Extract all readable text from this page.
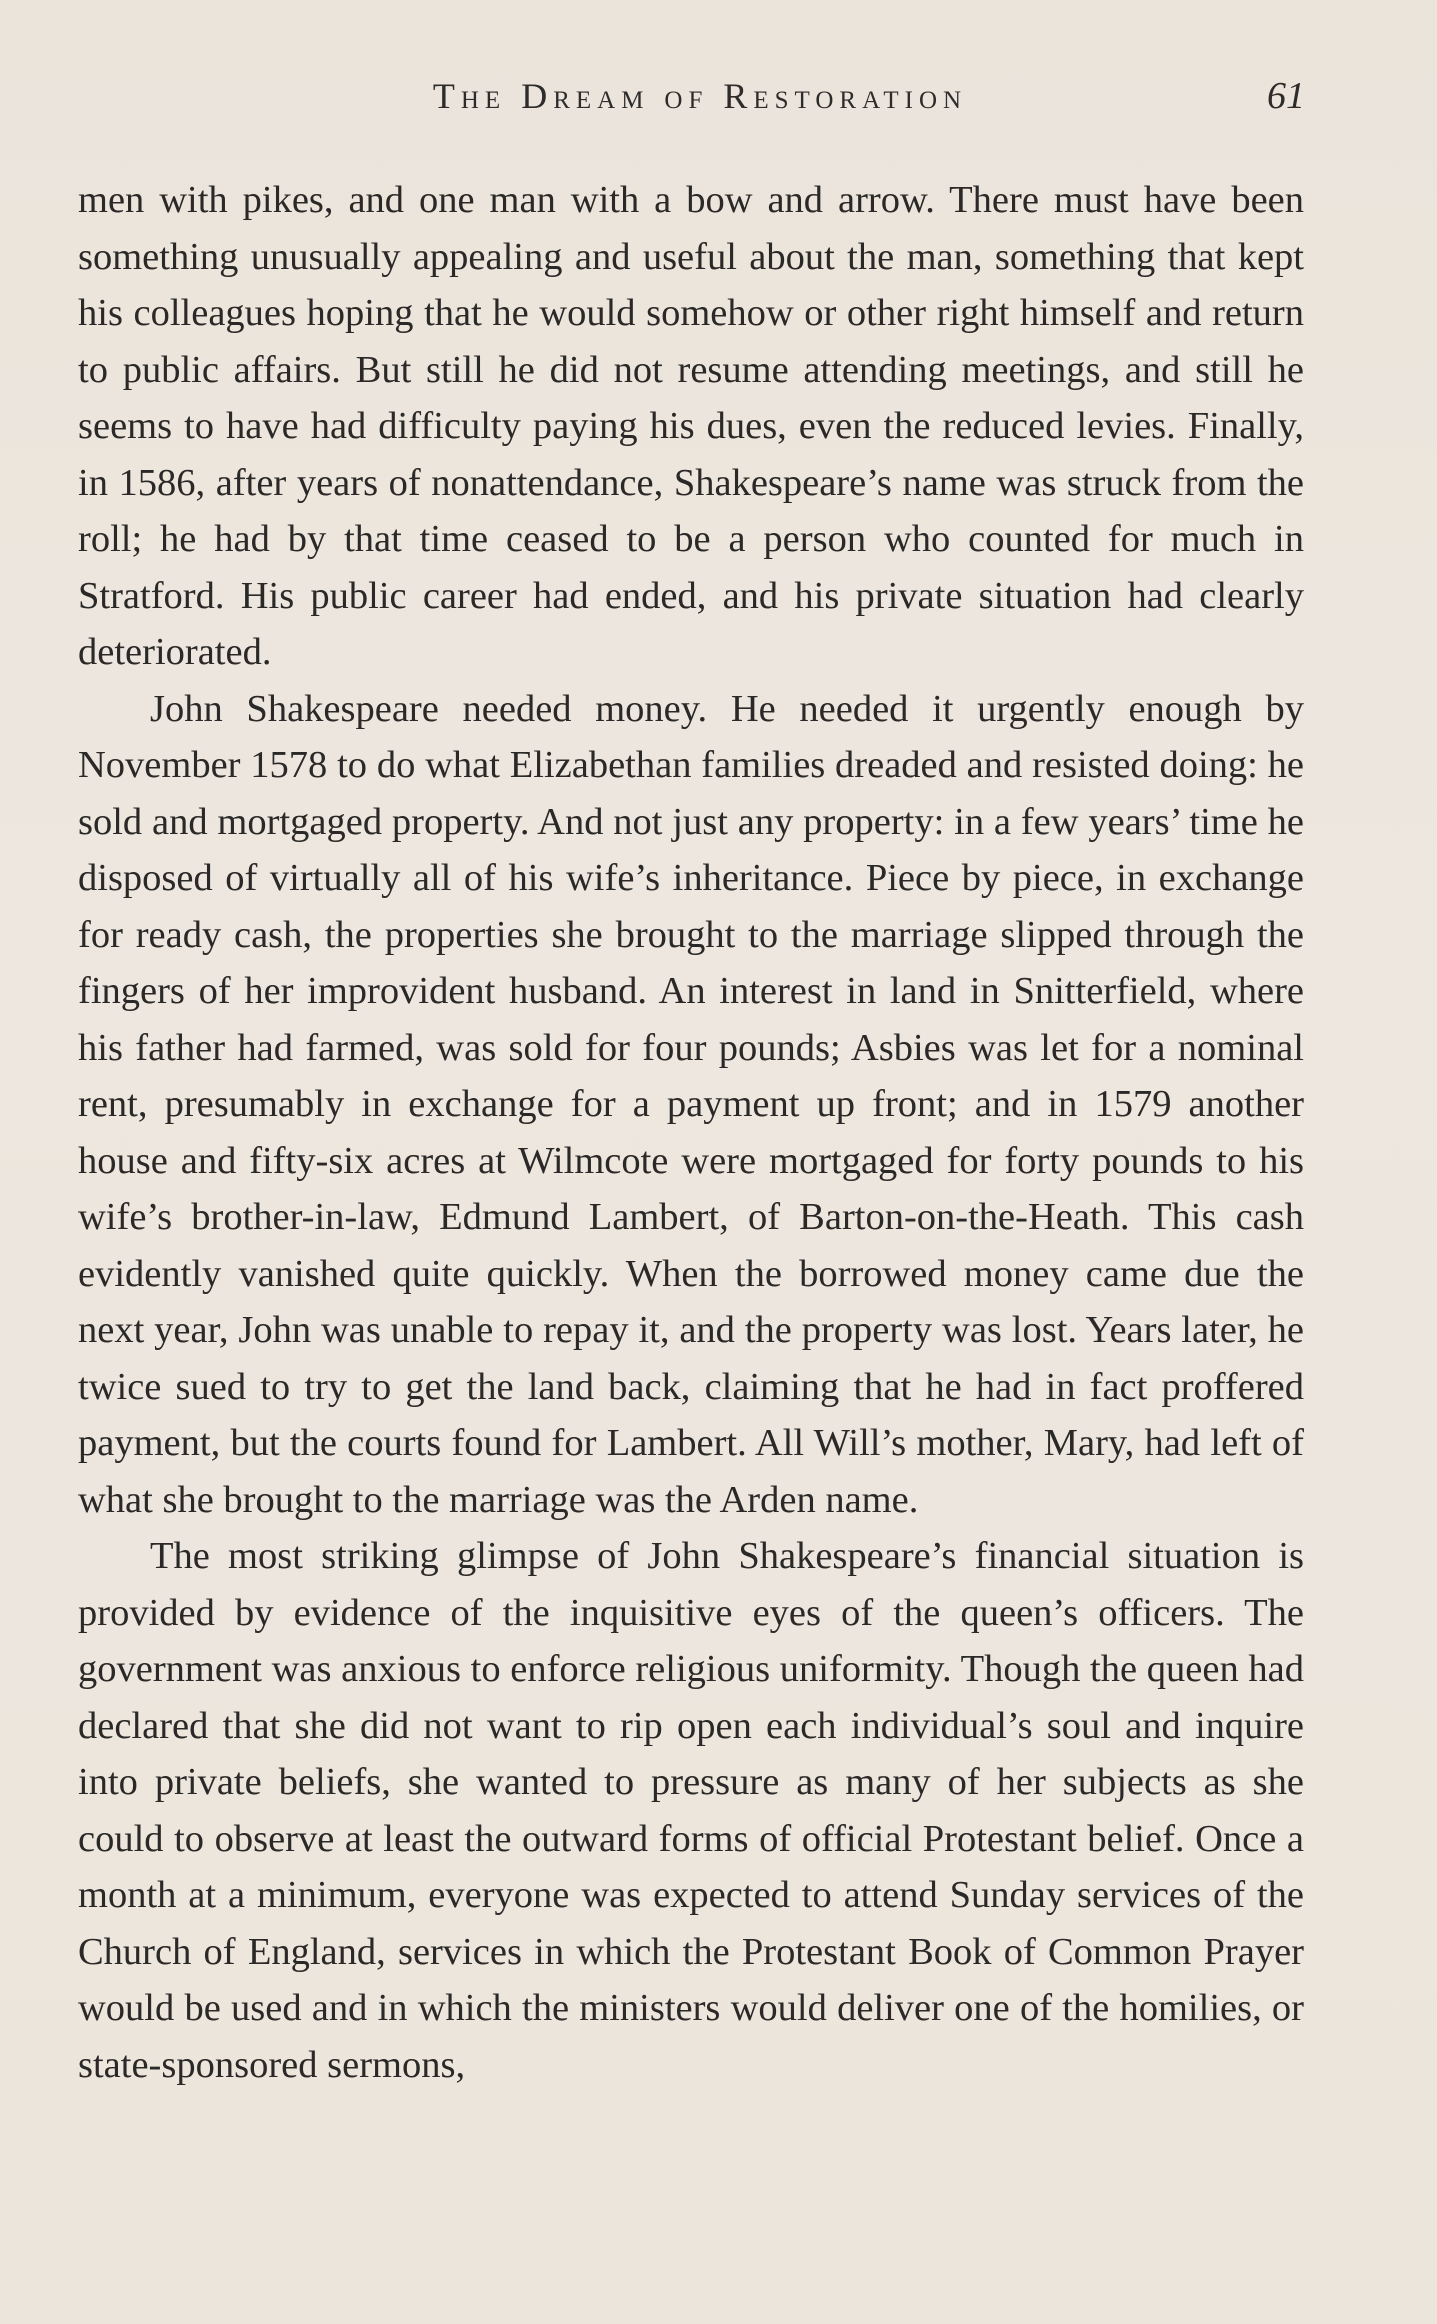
The Dream of Restoration	61

men with pikes, and one man with a bow and arrow. There must have been something unusually appealing and useful about the man, something that kept his colleagues hoping that he would somehow or other right himself and return to public affairs. But still he did not resume attending meetings, and still he seems to have had difficulty paying his dues, even the reduced levies. Finally, in 1586, after years of nonattendance, Shakespeare’s name was struck from the roll; he had by that time ceased to be a person who counted for much in Stratford. His public career had ended, and his private situation had clearly deteriorated.

John Shakespeare needed money. He needed it urgently enough by November 1578 to do what Elizabethan families dreaded and resisted doing: he sold and mortgaged property. And not just any property: in a few years’ time he disposed of virtually all of his wife’s inheritance. Piece by piece, in exchange for ready cash, the properties she brought to the marriage slipped through the fingers of her improvident husband. An interest in land in Snitterfield, where his father had farmed, was sold for four pounds; Asbies was let for a nominal rent, presumably in exchange for a payment up front; and in 1579 another house and fifty-six acres at Wilmcote were mortgaged for forty pounds to his wife’s brother-in-law, Edmund Lambert, of Barton-on-the-Heath. This cash evidently vanished quite quickly. When the borrowed money came due the next year, John was unable to repay it, and the property was lost. Years later, he twice sued to try to get the land back, claiming that he had in fact proffered payment, but the courts found for Lambert. All Will’s mother, Mary, had left of what she brought to the marriage was the Arden name.

The most striking glimpse of John Shakespeare’s financial situation is provided by evidence of the inquisitive eyes of the queen’s officers. The government was anxious to enforce religious uniformity. Though the queen had declared that she did not want to rip open each individual’s soul and inquire into private beliefs, she wanted to pressure as many of her subjects as she could to observe at least the outward forms of official Protestant belief. Once a month at a minimum, everyone was expected to attend Sunday services of the Church of England, services in which the Protestant Book of Common Prayer would be used and in which the ministers would deliver one of the homilies, or state-sponsored sermons,
